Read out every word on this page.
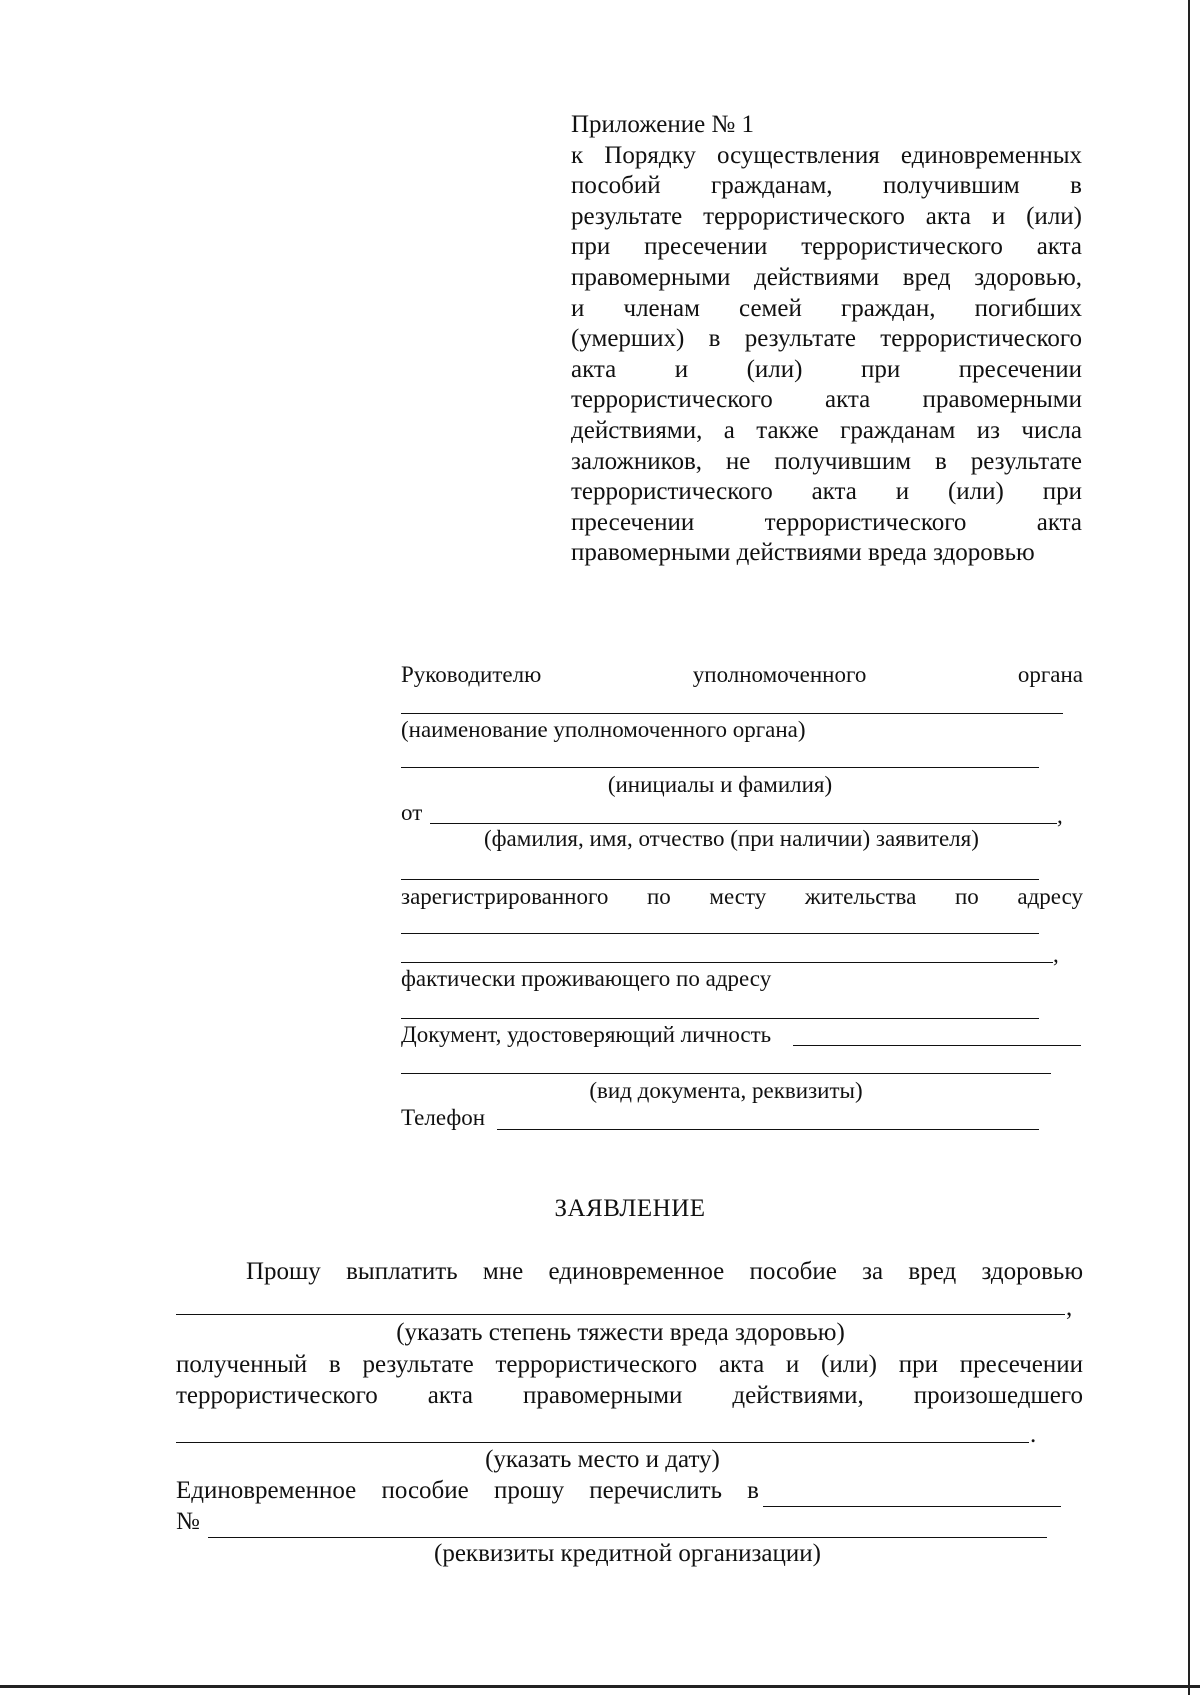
Приложение № 1
к Порядку осуществления единовременных
пособий гражданам, получившим в
результате террористического акта и (или)
при пресечении террористического акта
правомерными действиями вред здоровью,
и членам семей граждан, погибших
(умерших) в результате террористического
акта и (или) при пресечении
террористического акта правомерными
действиями, а также гражданам из числа
заложников, не получившим в результате
террористического акта и (или) при
пресечении террористического акта
правомерными действиями вреда здоровью
Руководителю уполномоченного органа
(наименование уполномоченного органа)
(инициалы и фамилия)
от	,
(фамилия, имя, отчество (при наличии) заявителя)
зарегистрированного по месту жительства по адресу
,
фактически проживающего по адресу
Документ, удостоверяющий личность
(вид документа, реквизиты)
Телефон
ЗАЯВЛЕНИЕ
Прошу выплатить мне единовременное пособие за вред здоровью
,
(указать степень тяжести вреда здоровью)
полученный в результате террористического акта и (или) при пресечении
террористического акта правомерными действиями, произошедшего
.
(указать место и дату)
Единовременное пособие прошу перечислить в
№
(реквизиты кредитной организации)
